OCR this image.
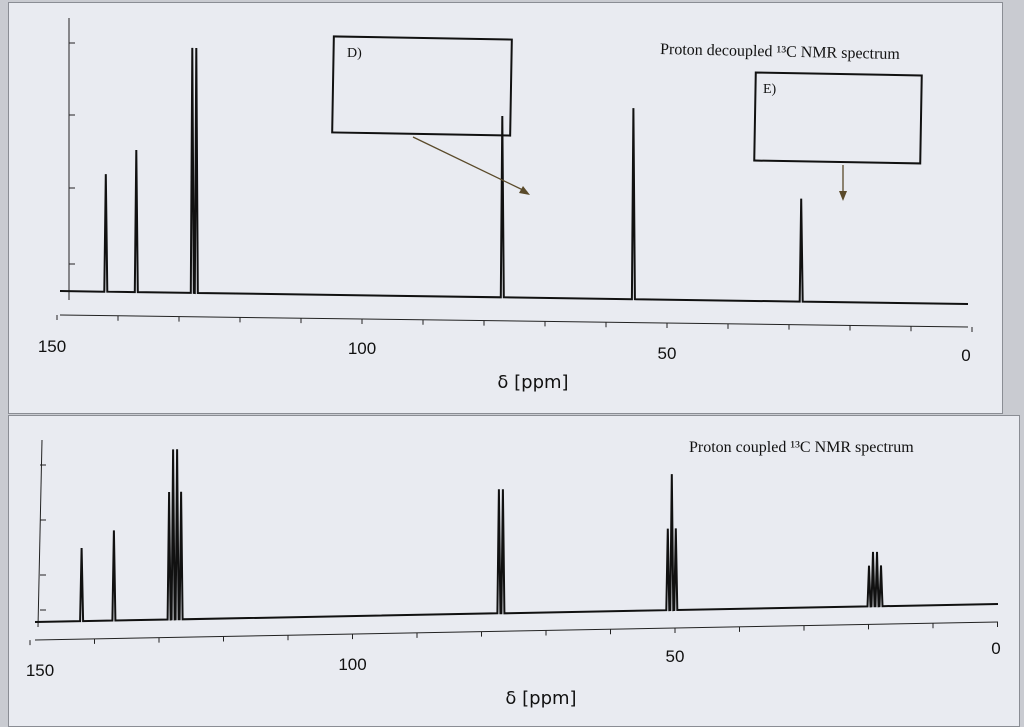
150	100	50	0
δ [ppm]
Proton decoupled ¹³C NMR spectrum
D)
E)
150	100	50	0
δ [ppm]
Proton coupled ¹³C NMR spectrum
